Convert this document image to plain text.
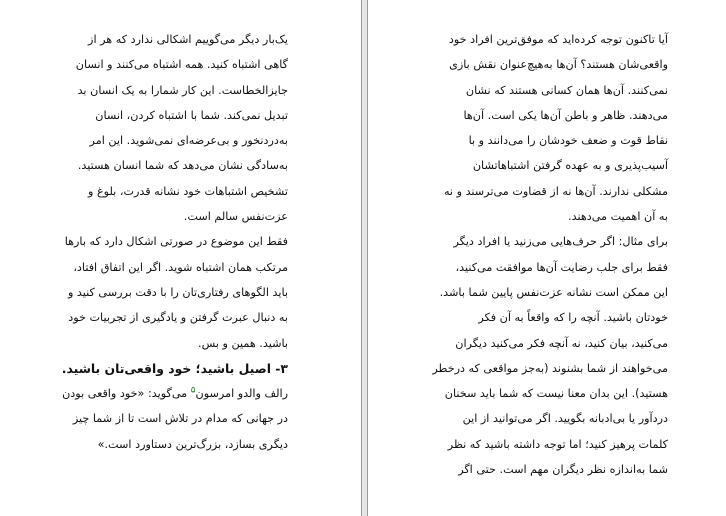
یک‌بار دیگر می‌گوییم اشکالی ندارد که هر از
گاهی اشتباه کنید. همه اشتباه می‌کنند و انسان
جایزالخطاست. این کار شمارا به یک انسان بد
تبدیل نمی‌کند. شما با اشتباه کردن، انسان
به‌دردنخور و بی‌عرضه‌ای نمی‌شوید. این امر
به‌سادگی نشان می‌دهد که شما انسان هستید.
تشخیص اشتباهات خود نشانه قدرت، بلوغ و
عزت‌نفس سالم است.
فقط این موضوع در صورتی اشکال دارد که بارها
مرتکب همان اشتباه شوید. اگر این اتفاق افتاد،
باید الگوهای رفتاری‌تان را با دقت بررسی کنید و
به دنبال عبرت گرفتن و یادگیری از تجربیات خود
باشید. همین و بس.
۳- اصیل باشید؛ خود واقعی‌تان باشید.
رالف والدو امرسون$^۵$ می‌گوید: «خود واقعی بودن
در جهانی که مدام در تلاش است تا از شما چیز
دیگری بسازد، بزرگ‌ترین دستاورد است.»
آیا تاکنون توجه کرده‌اید که موفق‌ترین افراد خود
واقعی‌شان هستند؟ آن‌ها به‌هیچ‌عنوان نقش بازی
نمی‌کنند. آن‌ها همان کسانی هستند که نشان
می‌دهند. ظاهر و باطن آن‌ها یکی است. آن‌ها
نقاط قوت و ضعف خودشان را می‌دانند و با
آسیب‌پذیری و به عهده گرفتن اشتباهاتشان
مشکلی ندارند. آن‌ها نه از قضاوت می‌ترسند و نه
به آن اهمیت می‌دهند.
برای مثال: اگر حرف‌هایی می‌زنید یا افراد دیگر
فقط برای جلب رضایت آن‌ها موافقت می‌کنید،
این ممکن است نشانه عزت‌نفس پایین شما باشد.
خودتان باشید. آنچه را که واقعاً به آن فکر
می‌کنید، بیان کنید، نه آنچه فکر می‌کنید دیگران
می‌خواهند از شما بشنوند (به‌جز مواقعی که درخطر
هستید). این بدان معنا نیست که شما باید سخنان
درد‌آور یا بی‌ادبانه بگویید. اگر می‌توانید از این
کلمات پرهیز کنید؛ اما توجه داشته باشید که نظر
شما به‌اندازه نظر دیگران مهم است. حتی اگر
